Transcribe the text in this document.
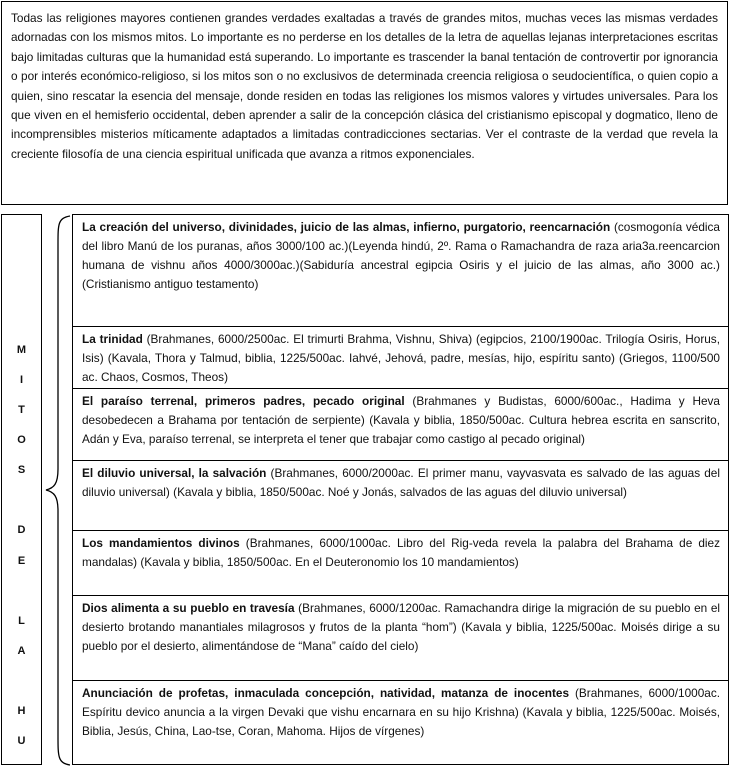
Todas las religiones mayores contienen grandes verdades exaltadas a través de grandes mitos, muchas veces las mismas verdades adornadas con los mismos mitos. Lo importante es no perderse en los detalles de la letra de aquellas lejanas interpretaciones escritas bajo limitadas culturas que la humanidad está superando. Lo importante es trascender la banal tentación de controvertir por ignorancia o por interés económico-religioso, si los mitos son o no exclusivos de determinada creencia religiosa o seudocientífica, o quien copio a quien, sino rescatar la esencia del mensaje, donde residen en todas las religiones los mismos valores y virtudes universales. Para los que viven en el hemisferio occidental, deben aprender a salir de la concepción clásica del cristianismo episcopal y dogmatico, lleno de incomprensibles misterios míticamente adaptados a limitadas contradicciones sectarias. Ver el contraste de la verdad que revela la creciente filosofía de una ciencia espiritual unificada que avanza a ritmos exponenciales.
M
I
T
O
S
D
E
L
A
H
U
La creación del universo, divinidades, juicio de las almas, infierno, purgatorio, reencarnación (cosmogonía védica del libro Manú de los puranas, años 3000/100 ac.)(Leyenda hindú, 2º. Rama o Ramachandra de raza aria3a.reencarcion humana de vishnu años 4000/3000ac.)(Sabiduría ancestral egipcia Osiris y el juicio de las almas, año 3000 ac.)(Cristianismo antiguo testamento)
La trinidad (Brahmanes, 6000/2500ac. El trimurti Brahma, Vishnu, Shiva) (egipcios, 2100/1900ac. Trilogía Osiris, Horus, Isis) (Kavala, Thora y Talmud, biblia, 1225/500ac. Iahvé, Jehová, padre, mesías, hijo, espíritu santo) (Griegos, 1100/500 ac. Chaos, Cosmos, Theos)
El paraíso terrenal, primeros padres, pecado original (Brahmanes y Budistas, 6000/600ac., Hadima y Heva desobedecen a Brahama por tentación de serpiente) (Kavala y biblia, 1850/500ac. Cultura hebrea escrita en sanscrito, Adán y Eva, paraíso terrenal, se interpreta el tener que trabajar como castigo al pecado original)
El diluvio universal, la salvación (Brahmanes, 6000/2000ac. El primer manu, vayvasvata es salvado de las aguas del diluvio universal) (Kavala y biblia, 1850/500ac. Noé y Jonás, salvados de las aguas del diluvio universal)
Los mandamientos divinos (Brahmanes, 6000/1000ac. Libro del Rig-veda revela la palabra del Brahama de diez mandalas) (Kavala y biblia, 1850/500ac. En el Deuteronomio los 10 mandamientos)
Dios alimenta a su pueblo en travesía (Brahmanes, 6000/1200ac. Ramachandra dirige la migración de su pueblo en el desierto brotando manantiales milagrosos y frutos de la planta “hom”) (Kavala y biblia, 1225/500ac. Moisés dirige a su pueblo por el desierto, alimentándose de “Mana” caído del cielo)
Anunciación de profetas, inmaculada concepción, natividad, matanza de inocentes (Brahmanes, 6000/1000ac. Espíritu devico anuncia a la virgen Devaki que vishu encarnara en su hijo Krishna) (Kavala y biblia, 1225/500ac. Moisés, Biblia, Jesús, China, Lao-tse, Coran, Mahoma. Hijos de vírgenes)
